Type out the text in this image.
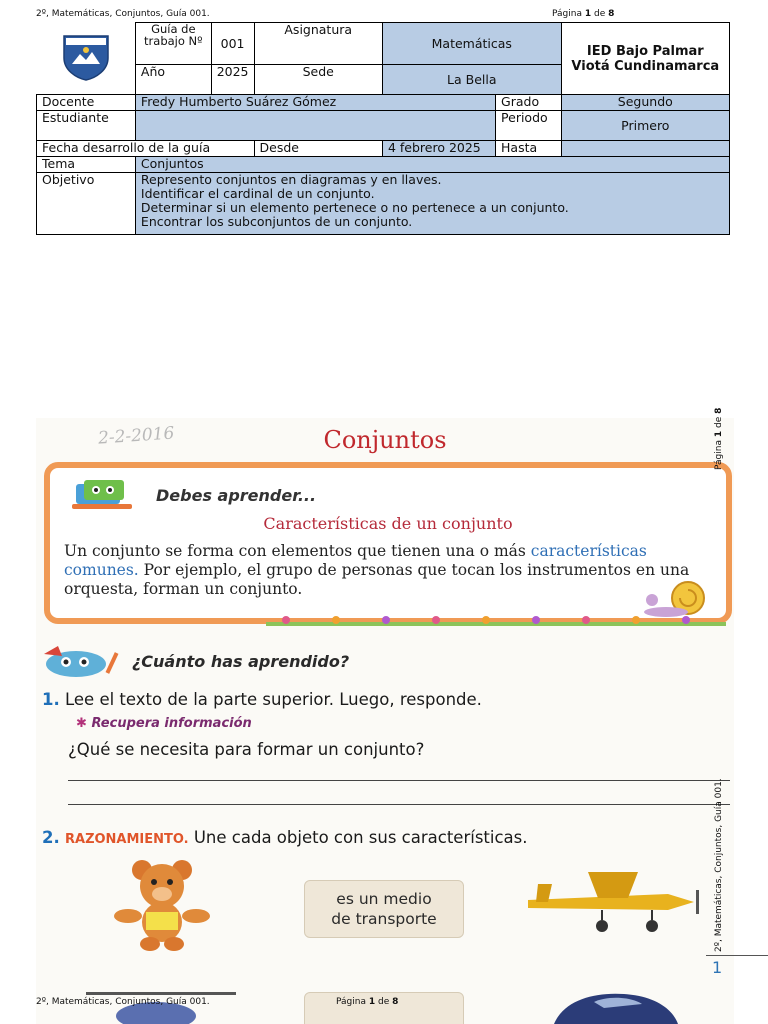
2º, Matemáticas, Conjuntos, Guía 001.	Página 1 de 8
	Guía de trabajo Nº	001	Asignatura	Matemáticas		IED Bajo Palmar
Viotá Cundinamarca

	Año	2025	Sede	La Bella		
Docente	Fredy Humberto Suárez Gómez				Grado	Segundo
Estudiante					Periodo	Primero
Fecha desarrollo de la guía			Desde	4 febrero 2025	Hasta	
Tema	Conjuntos					
Objetivo	Represento conjuntos en diagramas y en llaves.
Identificar el cardinal de un conjunto.
Determinar si un elemento pertenece o no pertenece a un conjunto.
Encontrar los subconjuntos de un conjunto.					
2-2-2016	Conjuntos
Debes aprender...
Características de un conjunto
Un conjunto se forma con elementos que tienen una o más características comunes. Por ejemplo, el grupo de personas que tocan los instrumentos en una orquesta, forman un conjunto.
¿Cuánto has aprendido?
1. Lee el texto de la parte superior. Luego, responde.
✱ Recupera información
¿Qué se necesita para formar un conjunto?
2. RAZONAMIENTO. Une cada objeto con sus características.
es un medio
de transporte
Página 1 de 8
2º, Matemáticas, Conjuntos, Guía 001.
1
2º, Matemáticas, Conjuntos, Guía 001.	Página 1 de 8
